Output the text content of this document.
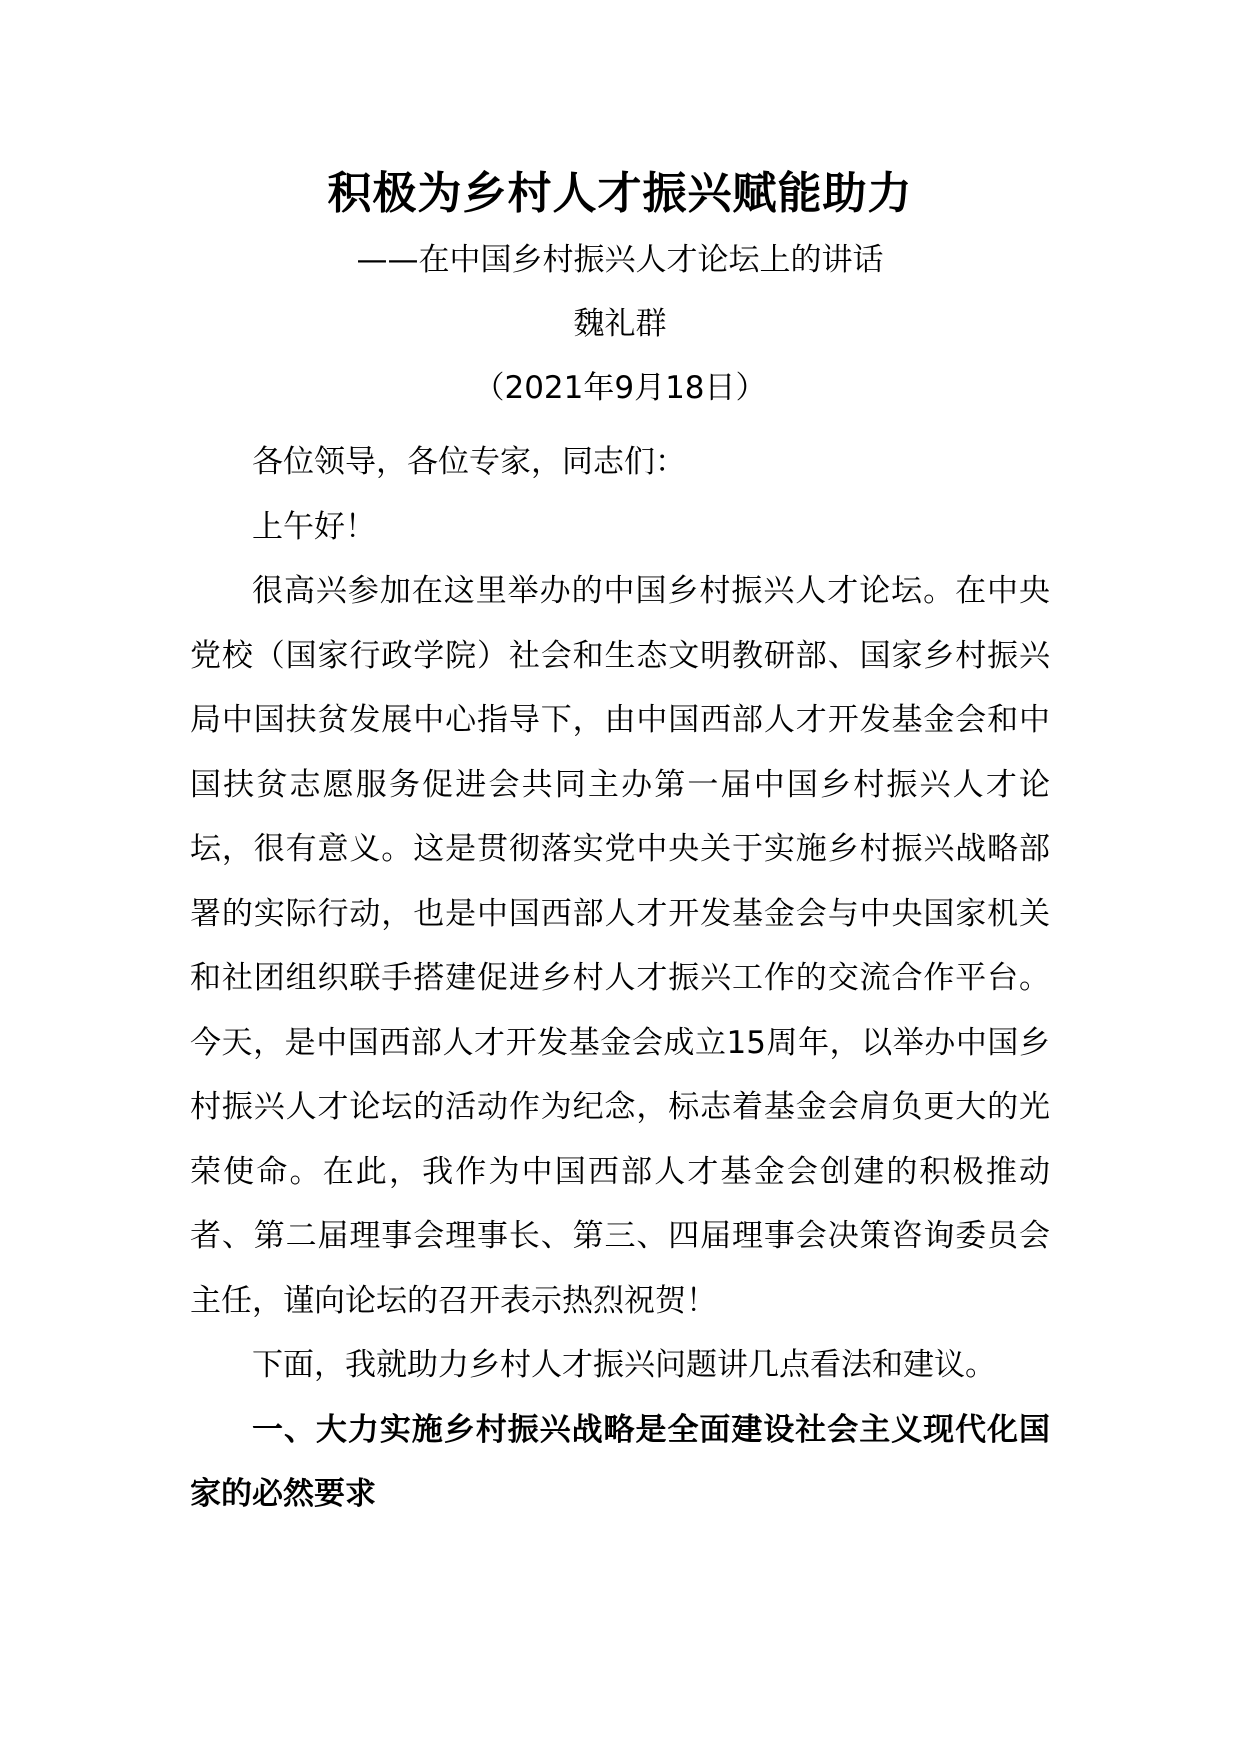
积极为乡村人才振兴赋能助力
——在中国乡村振兴人才论坛上的讲话
魏礼群
（2021年9月18日）

各位领导，各位专家，同志们：

上午好！

很高兴参加在这里举办的中国乡村振兴人才论坛。在中央党校（国家行政学院）社会和生态文明教研部、国家乡村振兴局中国扶贫发展中心指导下，由中国西部人才开发基金会和中国扶贫志愿服务促进会共同主办第一届中国乡村振兴人才论坛，很有意义。这是贯彻落实党中央关于实施乡村振兴战略部署的实际行动，也是中国西部人才开发基金会与中央国家机关和社团组织联手搭建促进乡村人才振兴工作的交流合作平台。今天，是中国西部人才开发基金会成立15周年，以举办中国乡村振兴人才论坛的活动作为纪念，标志着基金会肩负更大的光荣使命。在此，我作为中国西部人才基金会创建的积极推动者、第二届理事会理事长、第三、四届理事会决策咨询委员会主任，谨向论坛的召开表示热烈祝贺！

下面，我就助力乡村人才振兴问题讲几点看法和建议。

一、大力实施乡村振兴战略是全面建设社会主义现代化国家的必然要求
